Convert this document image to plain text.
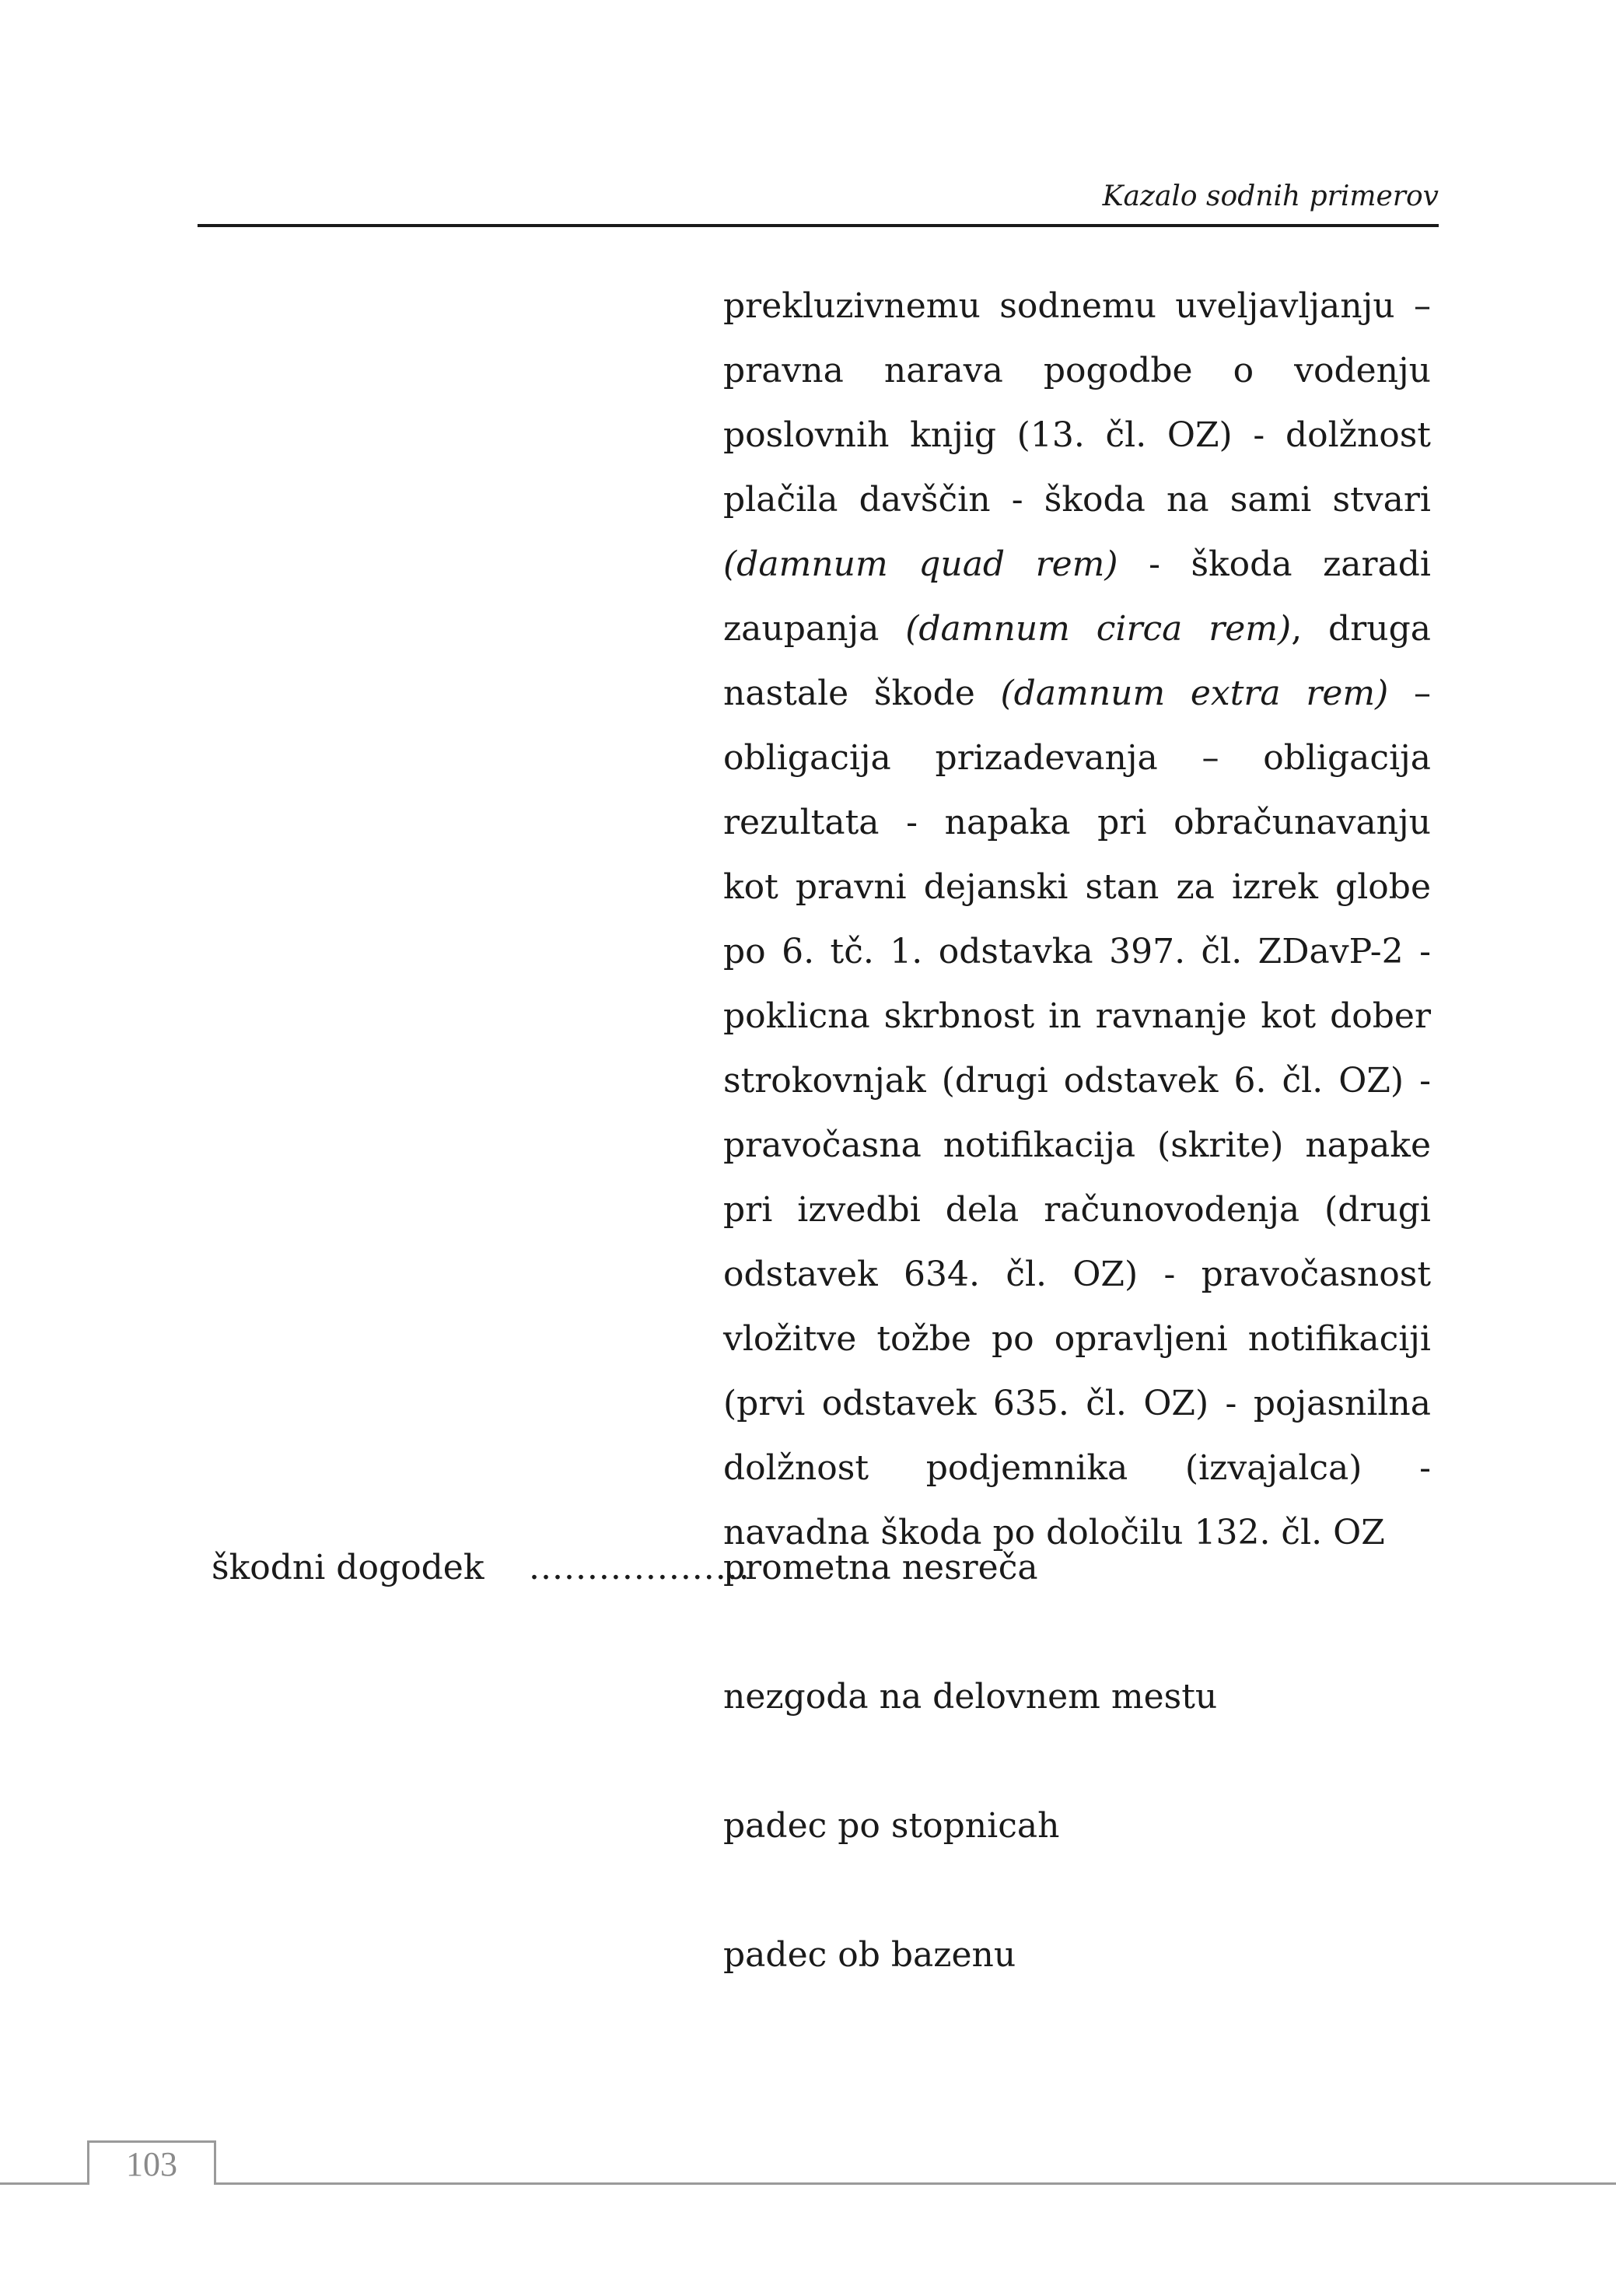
Kazalo sodnih primerov

prekluzivnemu sodnemu uveljavljanju – pravna narava pogodbe o vodenju poslovnih knjig (13. čl. OZ) - dolžnost plačila davščin - škoda na sami stvari (damnum quad rem) - škoda zaradi zaupanja (damnum circa rem), druga nastale škode (damnum extra rem) – obligacija prizadevanja – obligacija rezultata - napaka pri obračunavanju kot pravni dejanski stan za izrek globe po 6. tč. 1. odstavka 397. čl. ZDavP-2 - poklicna skrbnost in ravnanje kot dober strokovnjak (drugi odstavek 6. čl. OZ) - pravočasna notifikacija (skrite) napake pri izvedbi dela računovodenja (drugi odstavek 634. čl. OZ) - pravočasnost vložitve tožbe po opravljeni notifikaciji (prvi odstavek 635. čl. OZ) - pojasnilna dolžnost podjemnika (izvajalca) - navadna škoda po določilu 132. čl. OZ

škodni dogodek ...................
prometna nesreča
nezgoda na delovnem mestu
padec po stopnicah
padec ob bazenu
103
